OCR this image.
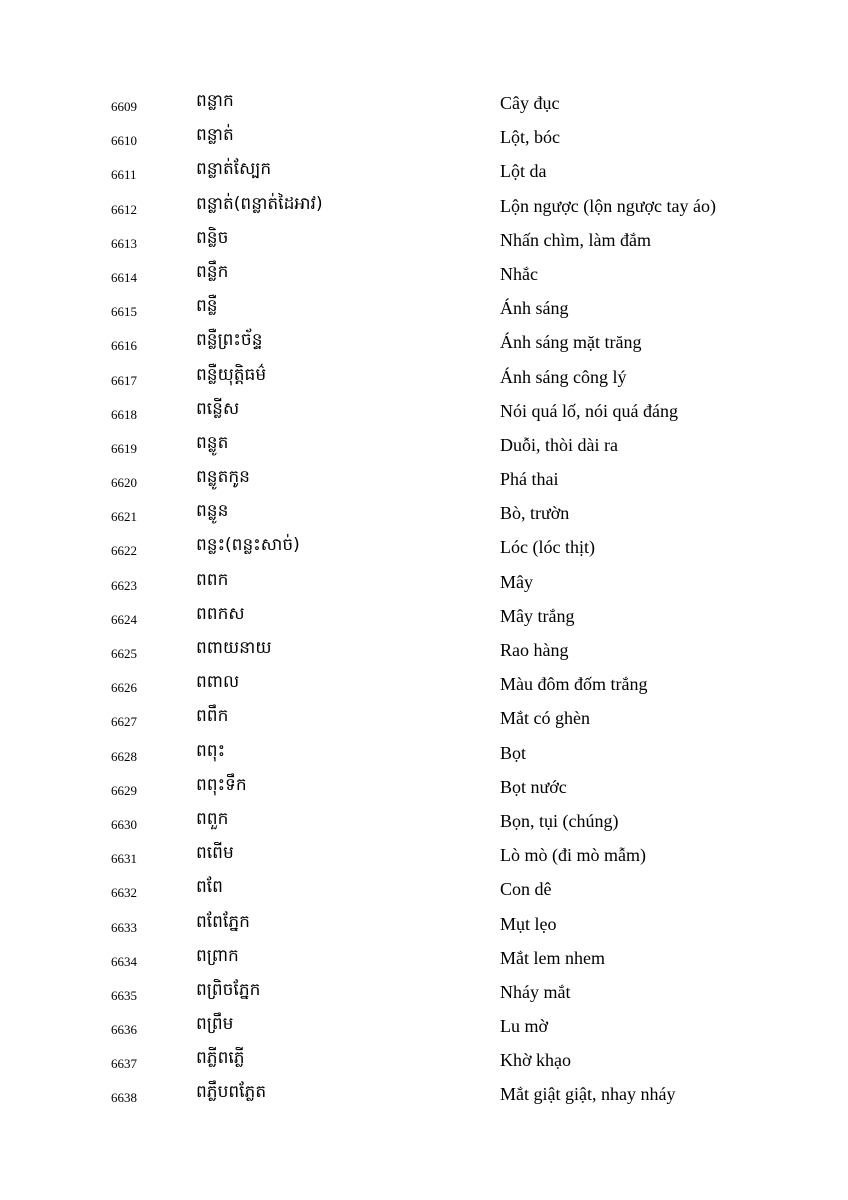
6609	ពន្លាក	Cây đục
6610	ពន្លាត់	Lột, bóc
6611	ពន្លាត់ស្បែក	Lột da
6612	ពន្លាត់(ពន្លាត់ដៃអាវ)	Lộn ngược (lộn ngược tay áo)
6613	ពន្លិច	Nhấn chìm, làm đắm
6614	ពន្លឹក	Nhắc
6615	ពន្លឺ	Ánh sáng
6616	ពន្លឺព្រះច័ន្ទ	Ánh sáng mặt trăng
6617	ពន្លឺយុត្តិធម៌	Ánh sáng công lý
6618	ពន្លើស	Nói quá lố, nói quá đáng
6619	ពន្លូត	Duỗi, thòi dài ra
6620	ពន្លូតកូន	Phá thai
6621	ពន្លូន	Bò, trườn
6622	ពន្លះ(ពន្លះសាច់)	Lóc (lóc thịt)
6623	ពពក	Mây
6624	ពពកស	Mây trắng
6625	ពពាយនាយ	Rao hàng
6626	ពពាល	Màu đôm đốm trắng
6627	ពពឹក	Mắt có ghèn
6628	ពពុះ	Bọt
6629	ពពុះទឹក	Bọt nước
6630	ពពួក	Bọn, tụi (chúng)
6631	ពពើម	Lò mò (đi mò mẫm)
6632	ពពែ	Con dê
6633	ពពែភ្នែក	Mụt lẹo
6634	ពព្រាក	Mắt lem nhem
6635	ពព្រិចភ្នែក	Nháy mắt
6636	ពព្រឹម	Lu mờ
6637	ពភ្លីពភ្លើ	Khờ khạo
6638	ពភ្លឹបពភ្លែត	Mắt giật giật, nhay nháy
